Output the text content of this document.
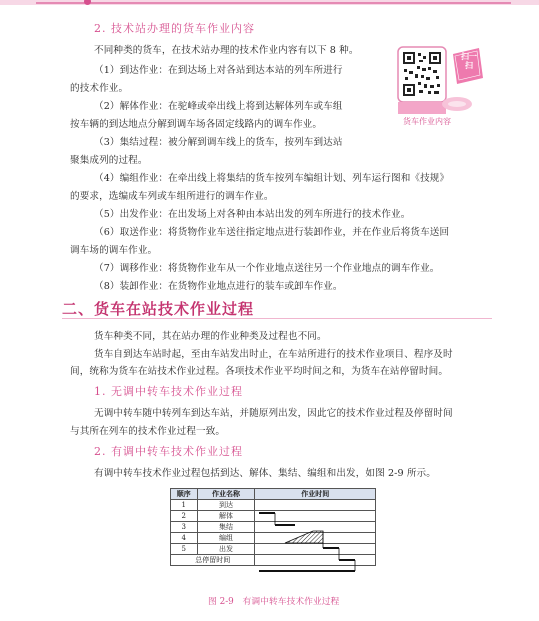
2. 技术站办理的货车作业内容
不同种类的货车，在技术站办理的技术作业内容有以下 8 种。
（1）到达作业：在到达场上对各站到达本站的列车所进行
的技术作业。
（2）解体作业：在驼峰或牵出线上将到达解体列车或车组
按车辆的到达地点分解到调车场各固定线路内的调车作业。
（3）集结过程：被分解到调车线上的货车，按列车到达站
聚集成列的过程。
（4）编组作业：在牵出线上将集结的货车按列车编组计划、列车运行图和《技规》
的要求，选编成车列或车组所进行的调车作业。
（5）出发作业：在出发场上对各种由本站出发的列车所进行的技术作业。
（6）取送作业：将货物作业车送往指定地点进行装卸作业，并在作业后将货车送回
调车场的调车作业。
（7）调移作业：将货物作业车从一个作业地点送往另一个作业地点的调车作业。
（8）装卸作业：在货物作业地点进行的装车或卸车作业。
扫一扫
货车作业内容
二、货车在站技术作业过程
货车种类不同，其在站办理的作业种类及过程也不同。
货车自到达车站时起，至由车站发出时止，在车站所进行的技术作业项目、程序及时
间，统称为货车在站技术作业过程。各项技术作业平均时间之和，为货车在站停留时间。
1. 无调中转车技术作业过程
无调中转车随中转列车到达车站，并随原列出发，因此它的技术作业过程及停留时间
与其所在列车的技术作业过程一致。
2. 有调中转车技术作业过程
有调中转车技术作业过程包括到达、解体、集结、编组和出发，如图 2-9 所示。
顺序	作业名称	作业时间
1	到达	
2	解体	
3	集结	
4	编组	
5	出发	
总停留时间		
图 2-9　有调中转车技术作业过程
